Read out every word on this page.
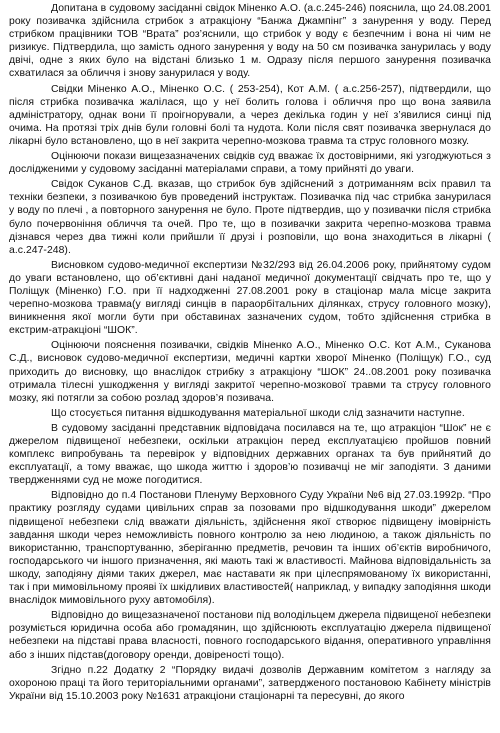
Допитана в судовому засіданні свідок Міненко А.О. (а.с.245-246) пояснила, що 24.08.2001 року позивачка здійснила стрибок з атракціону “Банжа Джампінг” з занурення у воду. Перед стрибком працівники ТОВ “Врата” роз’яснили, що стрибок у воду є безпечним і вона ні чим не ризикує. Підтвердила, що замість одного занурення у воду на 50 см позивачка занурилась у воду двічі, одне з яких було на відстані близько 1 м. Одразу після першого занурення позивачка схватилася за обличчя і знову занурилася у воду.

Свідки Міненко А.О., Міненко О.С. ( 253-254), Кот А.М. ( а.с.256-257), підтвердили, що після стрибка позивачка жалілася, що у неї болить голова і обличчя про що вона заявила адміністратору, однак вони її проігнорували, а через декілька годин у неї з’явилися синці під очима. На протязі тріх днів були головні болі та нудота. Коли після свят позивачка звернулася до лікарні було встановлено, що в неї закрита черепно-мозкова травма та струс головного мозку.

Оцінюючи покази вищезазначених свідків суд вважає їх достовірними, які узгоджуються з дослідженими у судовому засіданні матеріалами справи, а тому прийняті до уваги.

Свідок Суканов С.Д. вказав, що стрибок був здійснений з дотриманням всіх правил та техніки безпеки, з позивачкою був проведений інструктаж. Позивачка під час стрибка занурилася у воду по плечі , а повторного занурення не було. Проте підтвердив, що у позивачки після стрибка було почервоніння обличчя та очей. Про те, що в позивачки закрита черепно-мозкова травма дізнався через два тижні коли прийшли її друзі і розповіли, що вона знаходиться в лікарні ( а.с.247-248).

Висновком судово-медичної експертизи №32/293 від 26.04.2006 року, прийнятому судом до уваги встановлено, що об’єктивні дані наданої медичної документації свідчать про те, що у Поліщук (Міненко) Г.О. при її надходженні 27.08.2001 року в стаціонар мала місце закрита черепно-мозкова травма(у вигляді синців в параорбітальних ділянках, струсу головного мозку), виникнення якої могли бути при обставинах зазначених судом, тобто здійснення стрибка в екстрим-атракціоні “ШОК”.

Оцінюючи пояснення позивачки, свідків Міненко А.О., Міненко О.С. Кот А.М., Суканова С.Д., висновок судово-медичної експертизи, медичні картки хворої Міненко (Поліщук) Г.О., суд приходить до висновку, що внаслідок стрибку з атракціону “ШОК” 24..08.2001 року позивачка отримала тілесні ушкодження у вигляді закритої черепно-мозкової травми та струсу головного мозку, які потягли за собою розлад здоров’я позивача.

Що стосується питання відшкодування матеріальної шкоди слід зазначити наступне.

В судовому засіданні представник відповідача посилався на те, що атракціон “Шок” не є джерелом підвищеної небезпеки, оскільки атракціон перед експлуатацією пройшов повний комплекс випробувань та перевірок у відповідних державних органах та був прийнятий до експлуатації, а тому вважає, що шкода життю і здоров’ю позивачці не міг заподіяти. З даними твердженнями суд не може погодитися.

Відповідно до п.4 Постанови Пленуму Верховного Суду України №6 від 27.03.1992р. “Про практику розгляду судами цивільних справ за позовами про відшкодування шкоди” джерелом підвищеної небезпеки слід вважати діяльність, здійснення якої створює підвищену імовірність завдання шкоди через неможливість повного контролю за нею людиною, а також діяльність по використанню, транспортуванню, зберіганню предметів, речовин та інших об’єктів виробничого, господарського чи іншого призначення, які мають такі ж властивості. Майнова відповідальність за шкоду, заподіяну діями таких джерел, має наставати як при цілеспрямованому їх використанні, так і при мимовільному прояві їх шкідливих властивостей( наприклад, у випадку заподіяння шкоди внаслідок мимовільного руху автомобіля).

Відповідно до вищезазначеної постанови під володільцем джерела підвищеної небезпеки розуміється юридична особа або громадянин, що здійснюють експлуатацію джерела підвищеної небезпеки на підставі права власності, повного господарського відання, оперативного управління або з інших підстав(договору оренди, довіреності тощо).

Згідно п.22 Додатку 2 “Порядку видачі дозволів Державним комітетом з нагляду за охороною праці та його територіальними органами”, затвердженого постановою Кабінету міністрів України від 15.10.2003 року №1631 атракціони стаціонарні та пересувні, до якого
